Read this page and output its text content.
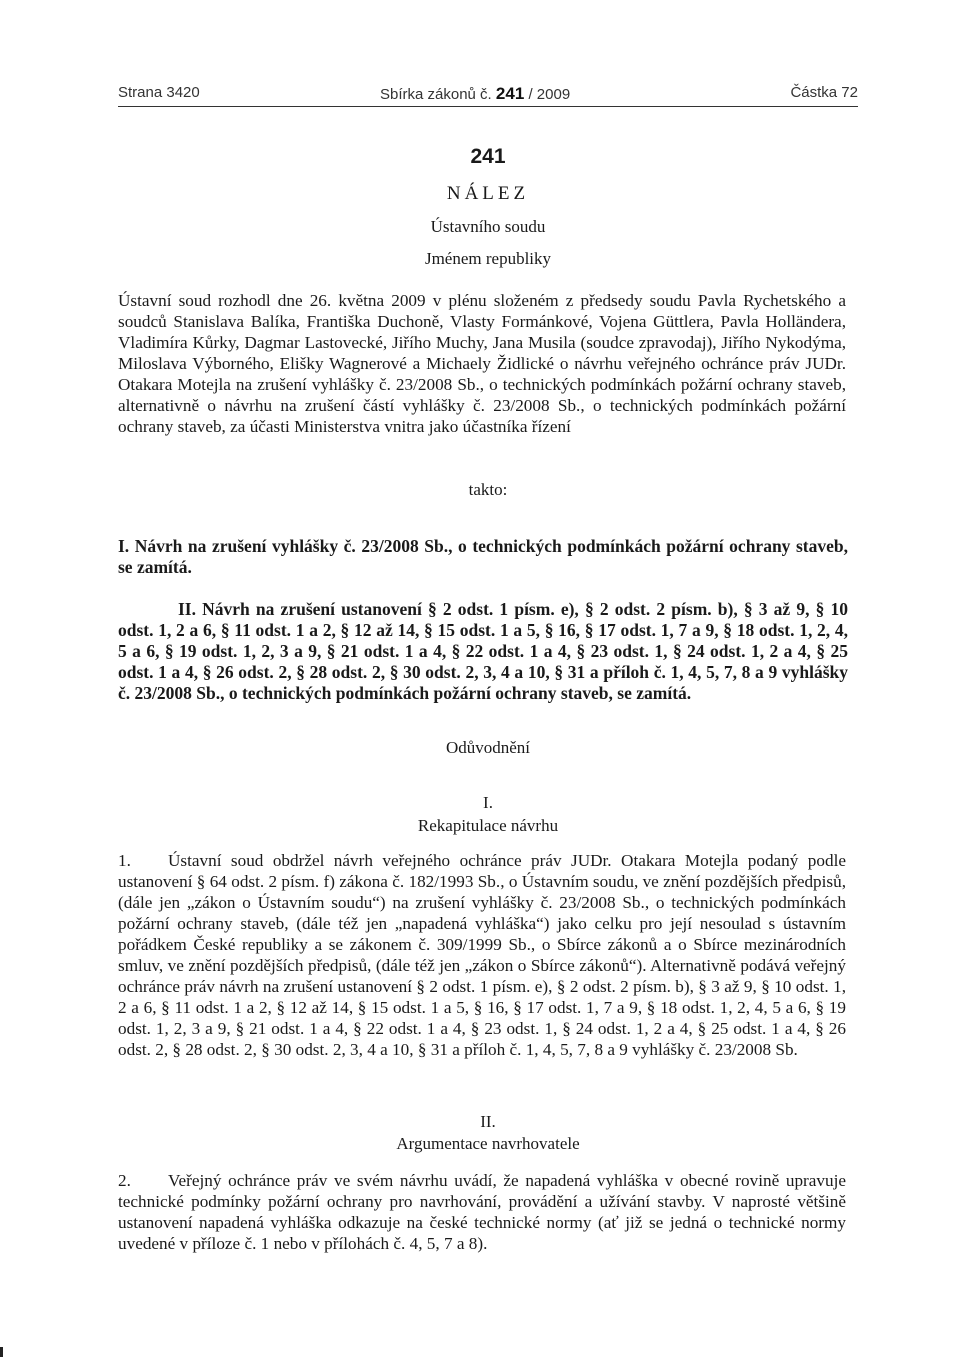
Strana 3420	Sbírka zákonů č. 241 / 2009	Částka 72
241
NÁLEZ
Ústavního soudu
Jménem republiky
Ústavní soud rozhodl dne 26. května 2009 v plénu složeném z předsedy soudu Pavla Rychetského a soudců Stanislava Balíka, Františka Duchoně, Vlasty Formánkové, Vojena Güttlera, Pavla Holländera, Vladimíra Kůrky, Dagmar Lastovecké, Jiřího Muchy, Jana Musila (soudce zpravodaj), Jiřího Nykodýma, Miloslava Výborného, Elišky Wagnerové a Michaely Židlické o návrhu veřejného ochránce práv JUDr. Otakara Motejla na zrušení vyhlášky č. 23/2008 Sb., o technických podmínkách požární ochrany staveb, alternativně o návrhu na zrušení částí vyhlášky č. 23/2008 Sb., o technických podmínkách požární ochrany staveb, za účasti Ministerstva vnitra jako účastníka řízení
takto:
I. Návrh na zrušení vyhlášky č. 23/2008 Sb., o technických podmínkách požární ochrany staveb, se zamítá.
II. Návrh na zrušení ustanovení § 2 odst. 1 písm. e), § 2 odst. 2 písm. b), § 3 až 9, § 10 odst. 1, 2 a 6, § 11 odst. 1 a 2, § 12 až 14, § 15 odst. 1 a 5, § 16, § 17 odst. 1, 7 a 9, § 18 odst. 1, 2, 4, 5 a 6, § 19 odst. 1, 2, 3 a 9, § 21 odst. 1 a 4, § 22 odst. 1 a 4, § 23 odst. 1, § 24 odst. 1, 2 a 4, § 25 odst. 1 a 4, § 26 odst. 2, § 28 odst. 2, § 30 odst. 2, 3, 4 a 10, § 31 a příloh č. 1, 4, 5, 7, 8 a 9 vyhlášky č. 23/2008 Sb., o technických podmínkách požární ochrany staveb, se zamítá.
Odůvodnění
I.
Rekapitulace návrhu
1. Ústavní soud obdržel návrh veřejného ochránce práv JUDr. Otakara Motejla podaný podle ustanovení § 64 odst. 2 písm. f) zákona č. 182/1993 Sb., o Ústavním soudu, ve znění pozdějších předpisů, (dále jen „zákon o Ústavním soudu“) na zrušení vyhlášky č. 23/2008 Sb., o technických podmínkách požární ochrany staveb, (dále též jen „napadená vyhláška“) jako celku pro její nesoulad s ústavním pořádkem České republiky a se zákonem č. 309/1999 Sb., o Sbírce zákonů a o Sbírce mezinárodních smluv, ve znění pozdějších předpisů, (dále též jen „zákon o Sbírce zákonů“). Alternativně podává veřejný ochránce práv návrh na zrušení ustanovení § 2 odst. 1 písm. e), § 2 odst. 2 písm. b), § 3 až 9, § 10 odst. 1, 2 a 6, § 11 odst. 1 a 2, § 12 až 14, § 15 odst. 1 a 5, § 16, § 17 odst. 1, 7 a 9, § 18 odst. 1, 2, 4, 5 a 6, § 19 odst. 1, 2, 3 a 9, § 21 odst. 1 a 4, § 22 odst. 1 a 4, § 23 odst. 1, § 24 odst. 1, 2 a 4, § 25 odst. 1 a 4, § 26 odst. 2, § 28 odst. 2, § 30 odst. 2, 3, 4 a 10, § 31 a příloh č. 1, 4, 5, 7, 8 a 9 vyhlášky č. 23/2008 Sb.
II.
Argumentace navrhovatele
2. Veřejný ochránce práv ve svém návrhu uvádí, že napadená vyhláška v obecné rovině upravuje technické podmínky požární ochrany pro navrhování, provádění a užívání stavby. V naprosté většině ustanovení napadená vyhláška odkazuje na české technické normy (ať již se jedná o technické normy uvedené v příloze č. 1 nebo v přílohách č. 4, 5, 7 a 8).
